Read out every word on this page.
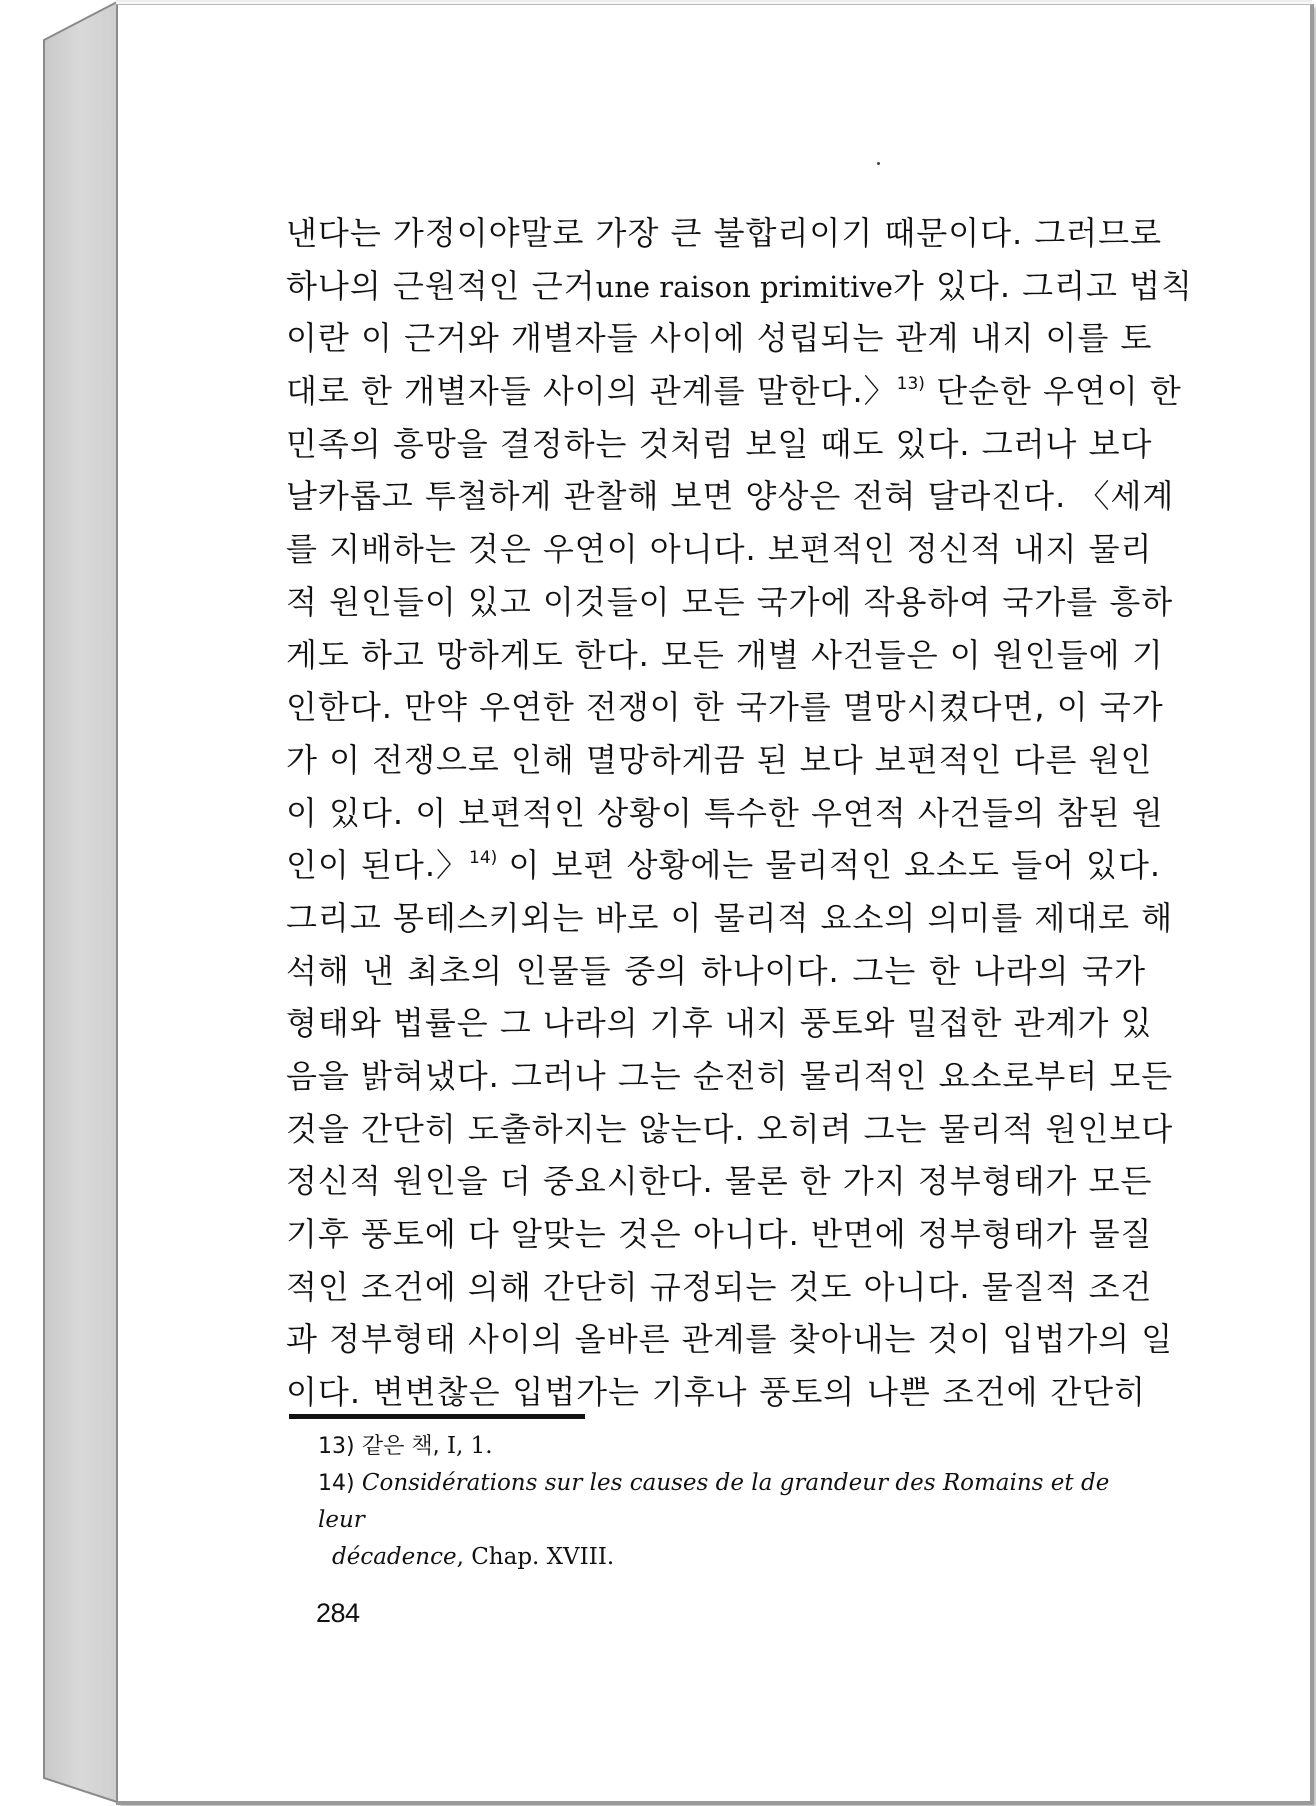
낸다는 가정이야말로 가장 큰 불합리이기 때문이다. 그러므로
하나의 근원적인 근거une raison primitive가 있다. 그리고 법칙
이란 이 근거와 개별자들 사이에 성립되는 관계 내지 이를 토
대로 한 개별자들 사이의 관계를 말한다.〉$^{13)}$ 단순한 우연이 한
민족의 흥망을 결정하는 것처럼 보일 때도 있다. 그러나 보다
날카롭고 투철하게 관찰해 보면 양상은 전혀 달라진다. 〈세계
를 지배하는 것은 우연이 아니다. 보편적인 정신적 내지 물리
적 원인들이 있고 이것들이 모든 국가에 작용하여 국가를 흥하
게도 하고 망하게도 한다. 모든 개별 사건들은 이 원인들에 기
인한다. 만약 우연한 전쟁이 한 국가를 멸망시켰다면, 이 국가
가 이 전쟁으로 인해 멸망하게끔 된 보다 보편적인 다른 원인
이 있다. 이 보편적인 상황이 특수한 우연적 사건들의 참된 원
인이 된다.〉$^{14)}$ 이 보편 상황에는 물리적인 요소도 들어 있다.
그리고 몽테스키외는 바로 이 물리적 요소의 의미를 제대로 해
석해 낸 최초의 인물들 중의 하나이다. 그는 한 나라의 국가
형태와 법률은 그 나라의 기후 내지 풍토와 밀접한 관계가 있
음을 밝혀냈다. 그러나 그는 순전히 물리적인 요소로부터 모든
것을 간단히 도출하지는 않는다. 오히려 그는 물리적 원인보다
정신적 원인을 더 중요시한다. 물론 한 가지 정부형태가 모든
기후 풍토에 다 알맞는 것은 아니다. 반면에 정부형태가 물질
적인 조건에 의해 간단히 규정되는 것도 아니다. 물질적 조건
과 정부형태 사이의 올바른 관계를 찾아내는 것이 입법가의 일
이다. 변변찮은 입법가는 기후나 풍토의 나쁜 조건에 간단히
13) 같은 책, I, 1.
14) Considérations sur les causes de la grandeur des Romains et de leur
décadence, Chap. XVIII.
284
